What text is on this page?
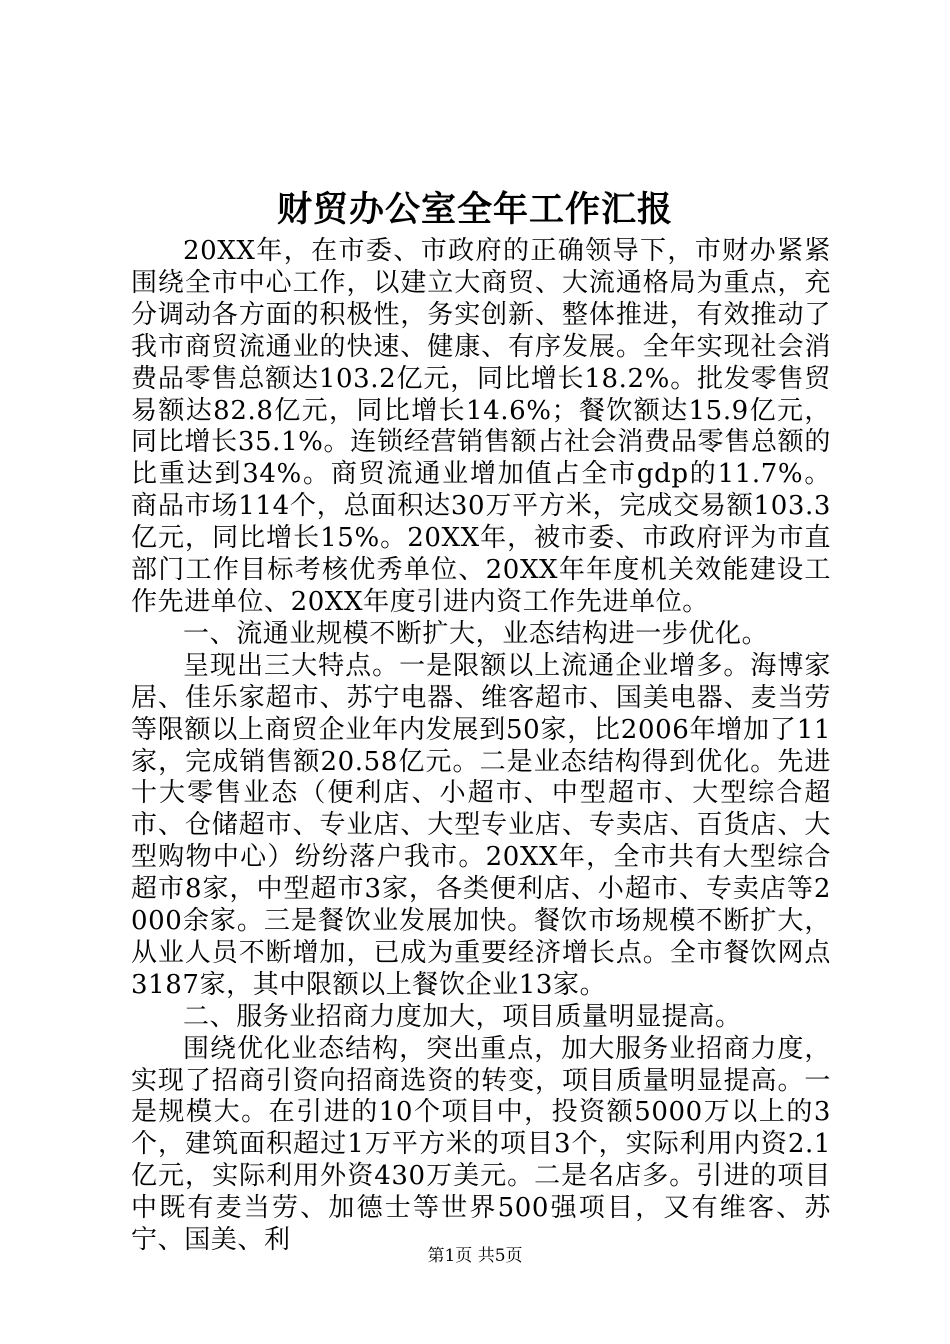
财贸办公室全年工作汇报

20XX年，在市委、市政府的正确领导下，市财办紧紧围绕全市中心工作，以建立大商贸、大流通格局为重点，充分调动各方面的积极性，务实创新、整体推进，有效推动了我市商贸流通业的快速、健康、有序发展。全年实现社会消费品零售总额达103.2亿元，同比增长18.2%。批发零售贸易额达82.8亿元，同比增长14.6%；餐饮额达15.9亿元，同比增长35.1%。连锁经营销售额占社会消费品零售总额的比重达到34%。商贸流通业增加值占全市gdp的11.7%。商品市场114个，总面积达30万平方米，完成交易额103.3亿元，同比增长15%。20XX年，被市委、市政府评为市直部门工作目标考核优秀单位、20XX年年度机关效能建设工作先进单位、20XX年度引进内资工作先进单位。

一、流通业规模不断扩大，业态结构进一步优化。

呈现出三大特点。一是限额以上流通企业增多。海博家居、佳乐家超市、苏宁电器、维客超市、国美电器、麦当劳等限额以上商贸企业年内发展到50家，比2006年增加了11家，完成销售额20.58亿元。二是业态结构得到优化。先进十大零售业态（便利店、小超市、中型超市、大型综合超市、仓储超市、专业店、大型专业店、专卖店、百货店、大型购物中心）纷纷落户我市。20XX年，全市共有大型综合超市8家，中型超市3家，各类便利店、小超市、专卖店等2000余家。三是餐饮业发展加快。餐饮市场规模不断扩大，从业人员不断增加，已成为重要经济增长点。全市餐饮网点3187家，其中限额以上餐饮企业13家。

二、服务业招商力度加大，项目质量明显提高。

围绕优化业态结构，突出重点，加大服务业招商力度，实现了招商引资向招商选资的转变，项目质量明显提高。一是规模大。在引进的10个项目中，投资额5000万以上的3个，建筑面积超过1万平方米的项目3个，实际利用内资2.1亿元，实际利用外资430万美元。二是名店多。引进的项目中既有麦当劳、加德士等世界500强项目，又有维客、苏宁、国美、利

第1页 共5页
